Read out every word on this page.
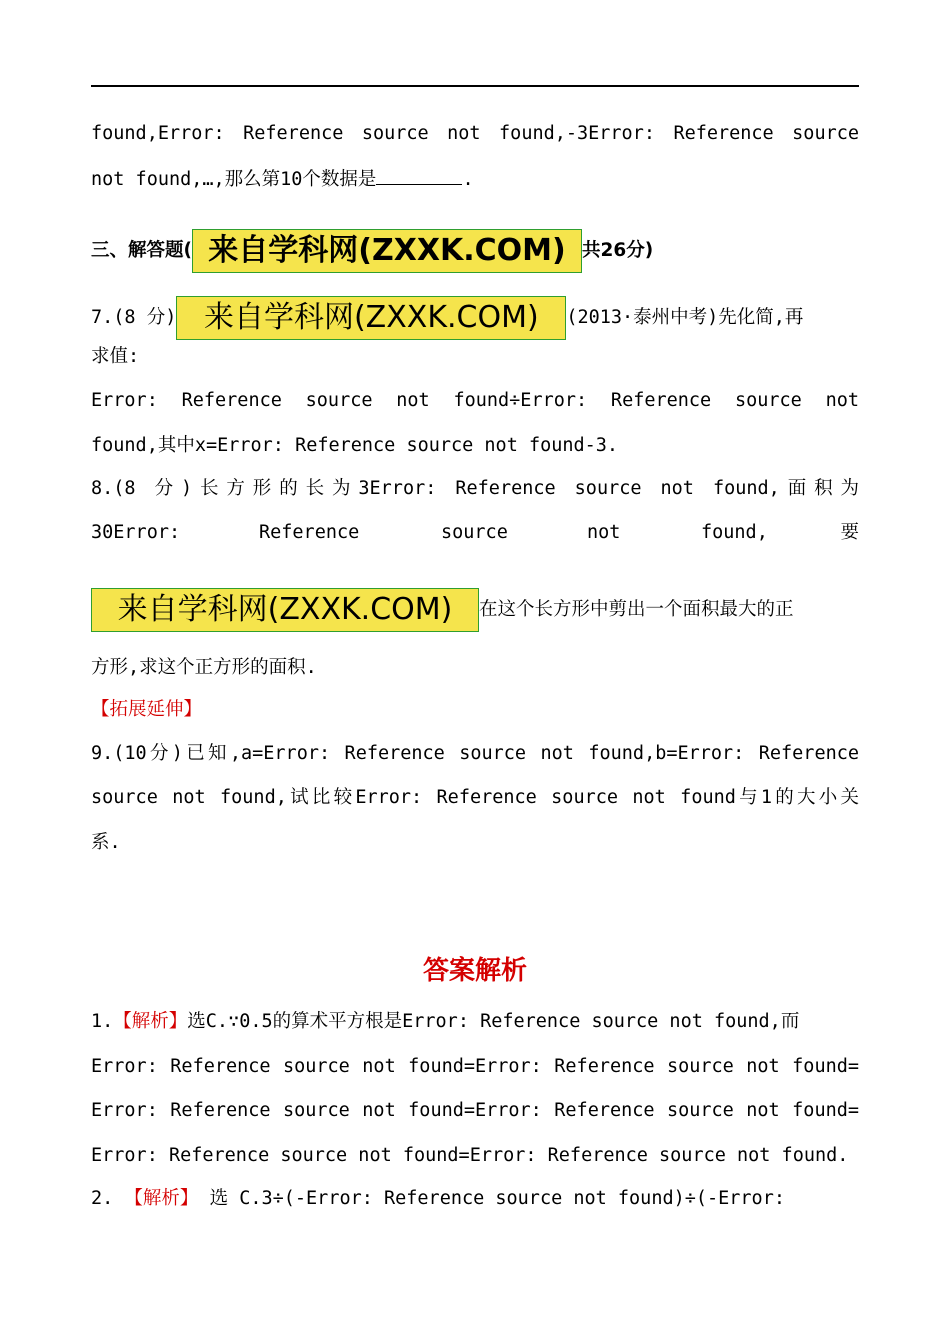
found,Error: Reference source not found,-3Error: Reference source
not found,…,那么第10个数据是	.
三、解答题( 来自学科网(ZXXK.COM) 共26分)
7.(8 分) 来自学科网(ZXXK.COM) (2013·泰州中考)先化简,再
求值:
Error: Reference source not found÷Error: Reference source not
found,其中x=Error: Reference source not found-3.
8.(8 分)长方形的长为3Error: Reference source not found,面积为
30Error:	Reference	source	not	found,	要
来自学科网(ZXXK.COM) 在这个长方形中剪出一个面积最大的正
方形,求这个正方形的面积.
【拓展延伸】
9.(10分)已知,a=Error: Reference source not found,b=Error: Reference
source not found,试比较Error: Reference source not found与1的大小关
系.
答案解析
1.【解析】选C.∵0.5的算术平方根是Error: Reference source not found,而
Error: Reference source not found=Error: Reference source not found=
Error: Reference source not found=Error: Reference source not found=
Error: Reference source not found=Error: Reference source not found.
2. 【解析】 选 C.3÷(-Error: Reference source not found)÷(-Error:
